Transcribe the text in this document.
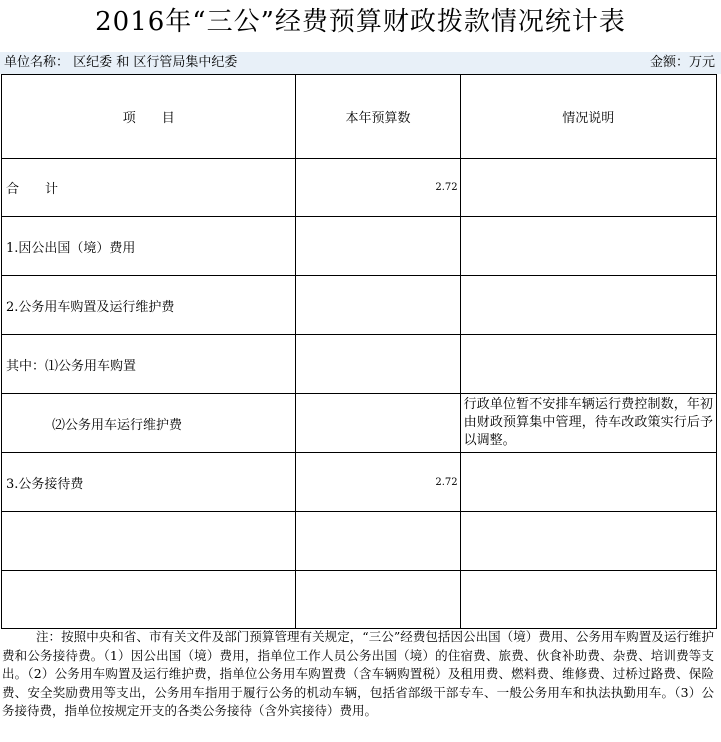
2016年“三公”经费预算财政拨款情况统计表
单位名称： 区纪委 和 区行管局集中纪委	金额：万元
项　　目	本年预算数	情况说明
合　　计	2.72	
1.因公出国（境）费用		
2.公务用车购置及运行维护费		
其中：⑴公务用车购置		
⑵公务用车运行维护费		行政单位暂不安排车辆运行费控制数，年初由财政预算集中管理，待车改政策实行后予以调整。
3.公务接待费	2.72	

注：按照中央和省、市有关文件及部门预算管理有关规定，“三公”经费包括因公出国（境）费用、公务用车购置及运行维护费和公务接待费。（1）因公出国（境）费用，指单位工作人员公务出国（境）的住宿费、旅费、伙食补助费、杂费、培训费等支出。（2）公务用车购置及运行维护费，指单位公务用车购置费（含车辆购置税）及租用费、燃料费、维修费、过桥过路费、保险费、安全奖励费用等支出，公务用车指用于履行公务的机动车辆，包括省部级干部专车、一般公务用车和执法执勤用车。（3）公务接待费，指单位按规定开支的各类公务接待（含外宾接待）费用。
